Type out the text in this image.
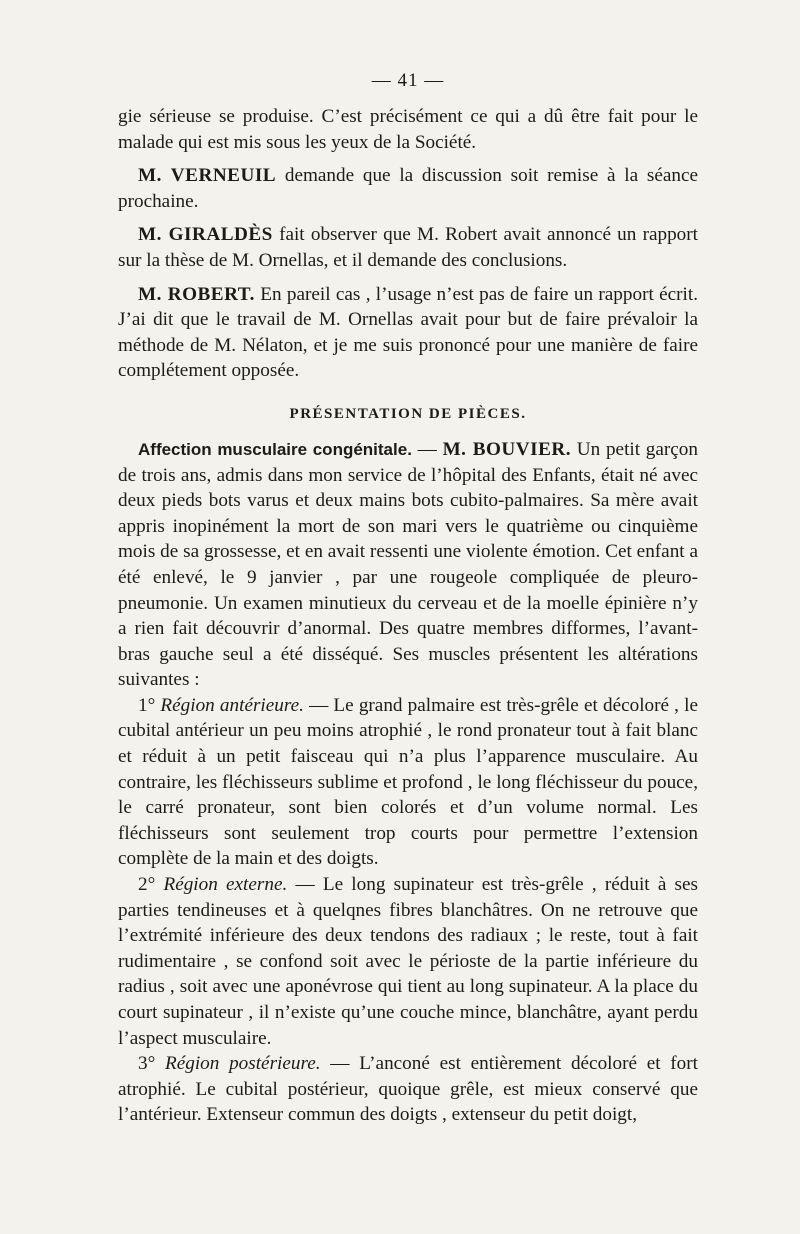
— 41 —

gie sérieuse se produise. C’est précisément ce qui a dû être fait pour le malade qui est mis sous les yeux de la Société.

M. VERNEUIL demande que la discussion soit remise à la séance prochaine.

M. GIRALDÈS fait observer que M. Robert avait annoncé un rapport sur la thèse de M. Ornellas, et il demande des conclusions.

M. ROBERT. En pareil cas , l’usage n’est pas de faire un rapport écrit. J’ai dit que le travail de M. Ornellas avait pour but de faire prévaloir la méthode de M. Nélaton, et je me suis prononcé pour une manière de faire complétement opposée.

PRÉSENTATION DE PIÈCES.

Affection musculaire congénitale. — M. BOUVIER. Un petit garçon de trois ans, admis dans mon service de l’hôpital des Enfants, était né avec deux pieds bots varus et deux mains bots cubito-palmaires. Sa mère avait appris inopinément la mort de son mari vers le quatrième ou cinquième mois de sa grossesse, et en avait ressenti une violente émotion. Cet enfant a été enlevé, le 9 janvier , par une rougeole compliquée de pleuro-pneumonie. Un examen minutieux du cerveau et de la moelle épinière n’y a rien fait découvrir d’anormal. Des quatre membres difformes, l’avant-bras gauche seul a été disséqué. Ses muscles présentent les altérations suivantes :

1° Région antérieure. — Le grand palmaire est très-grêle et décoloré , le cubital antérieur un peu moins atrophié , le rond pronateur tout à fait blanc et réduit à un petit faisceau qui n’a plus l’apparence musculaire. Au contraire, les fléchisseurs sublime et profond , le long fléchisseur du pouce, le carré pronateur, sont bien colorés et d’un volume normal. Les fléchisseurs sont seulement trop courts pour permettre l’extension complète de la main et des doigts.

2° Région externe. — Le long supinateur est très-grêle , réduit à ses parties tendineuses et à quelqnes fibres blanchâtres. On ne retrouve que l’extrémité inférieure des deux tendons des radiaux ; le reste, tout à fait rudimentaire , se confond soit avec le périoste de la partie inférieure du radius , soit avec une aponévrose qui tient au long supinateur. A la place du court supinateur , il n’existe qu’une couche mince, blanchâtre, ayant perdu l’aspect musculaire.

3° Région postérieure. — L’anconé est entièrement décoloré et fort atrophié. Le cubital postérieur, quoique grêle, est mieux conservé que l’antérieur. Extenseur commun des doigts , extenseur du petit doigt,
